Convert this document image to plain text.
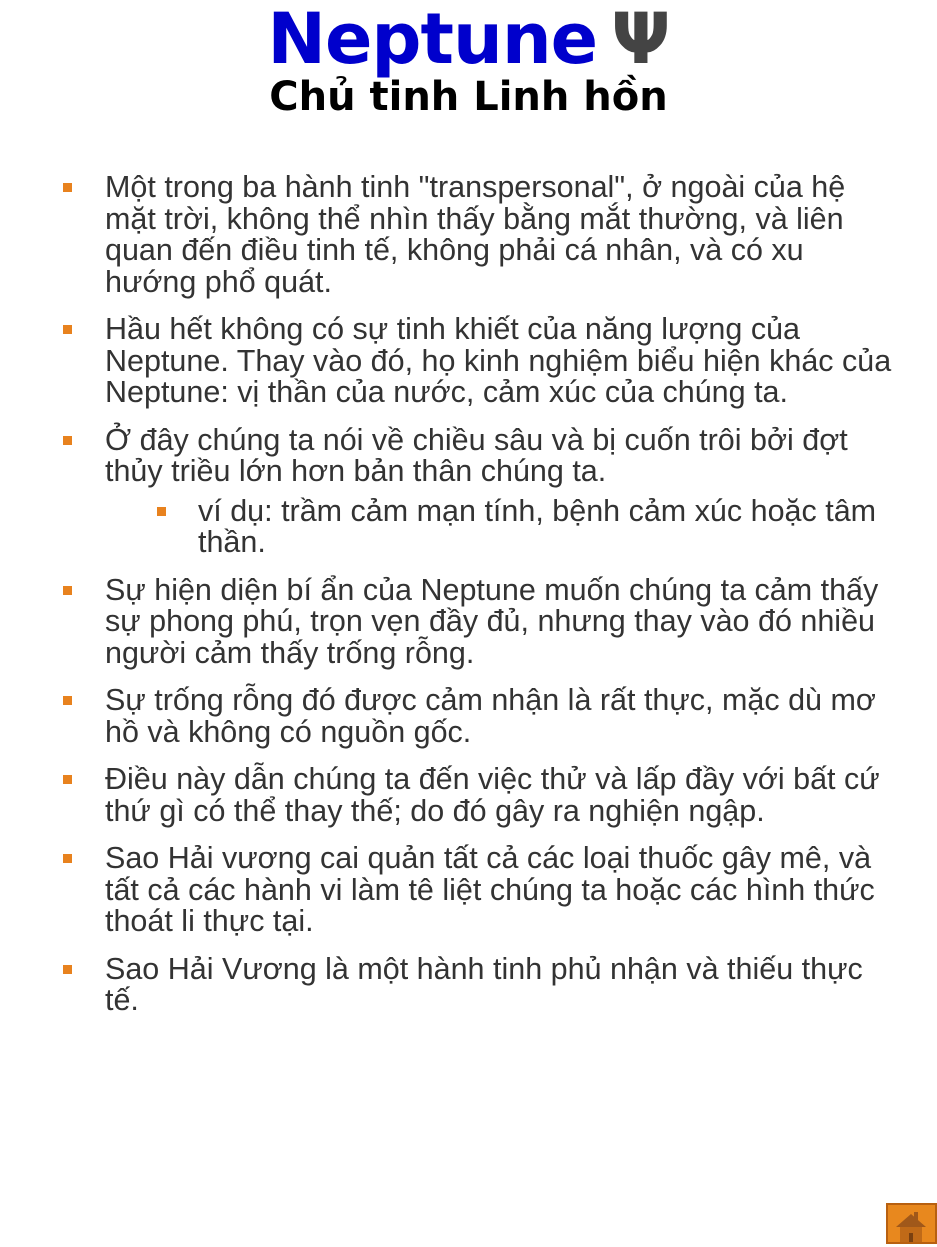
Neptune Ψ
Chủ tinh Linh hồn
Một trong ba hành tinh "transpersonal", ở ngoài của hệ mặt trời, không thể nhìn thấy bằng mắt thường, và liên quan đến điều tinh tế, không phải cá nhân, và có xu hướng phổ quát.
Hầu hết không có sự tinh khiết của năng lượng của Neptune. Thay vào đó, họ kinh nghiệm biểu hiện khác của Neptune: vị thần của nước, cảm xúc của chúng ta.
Ở đây chúng ta nói về chiều sâu và bị cuốn trôi bởi đợt thủy triều lớn hơn bản thân chúng ta.
ví dụ: trầm cảm mạn tính, bệnh cảm xúc hoặc tâm thần.
Sự hiện diện bí ẩn của Neptune muốn chúng ta cảm thấy sự phong phú, trọn vẹn đầy đủ, nhưng thay vào đó nhiều người cảm thấy trống rỗng.
Sự trống rỗng đó được cảm nhận là rất thực, mặc dù mơ hồ và không có nguồn gốc.
Điều này dẫn chúng ta đến việc thử và lấp đầy với bất cứ thứ gì có thể thay thế; do đó gây ra nghiện ngập.
Sao Hải vương cai quản tất cả các loại thuốc gây mê, và tất cả các hành vi làm tê liệt chúng ta hoặc các hình thức thoát li thực tại.
Sao Hải Vương là một hành tinh phủ nhận và thiếu thực tế.
